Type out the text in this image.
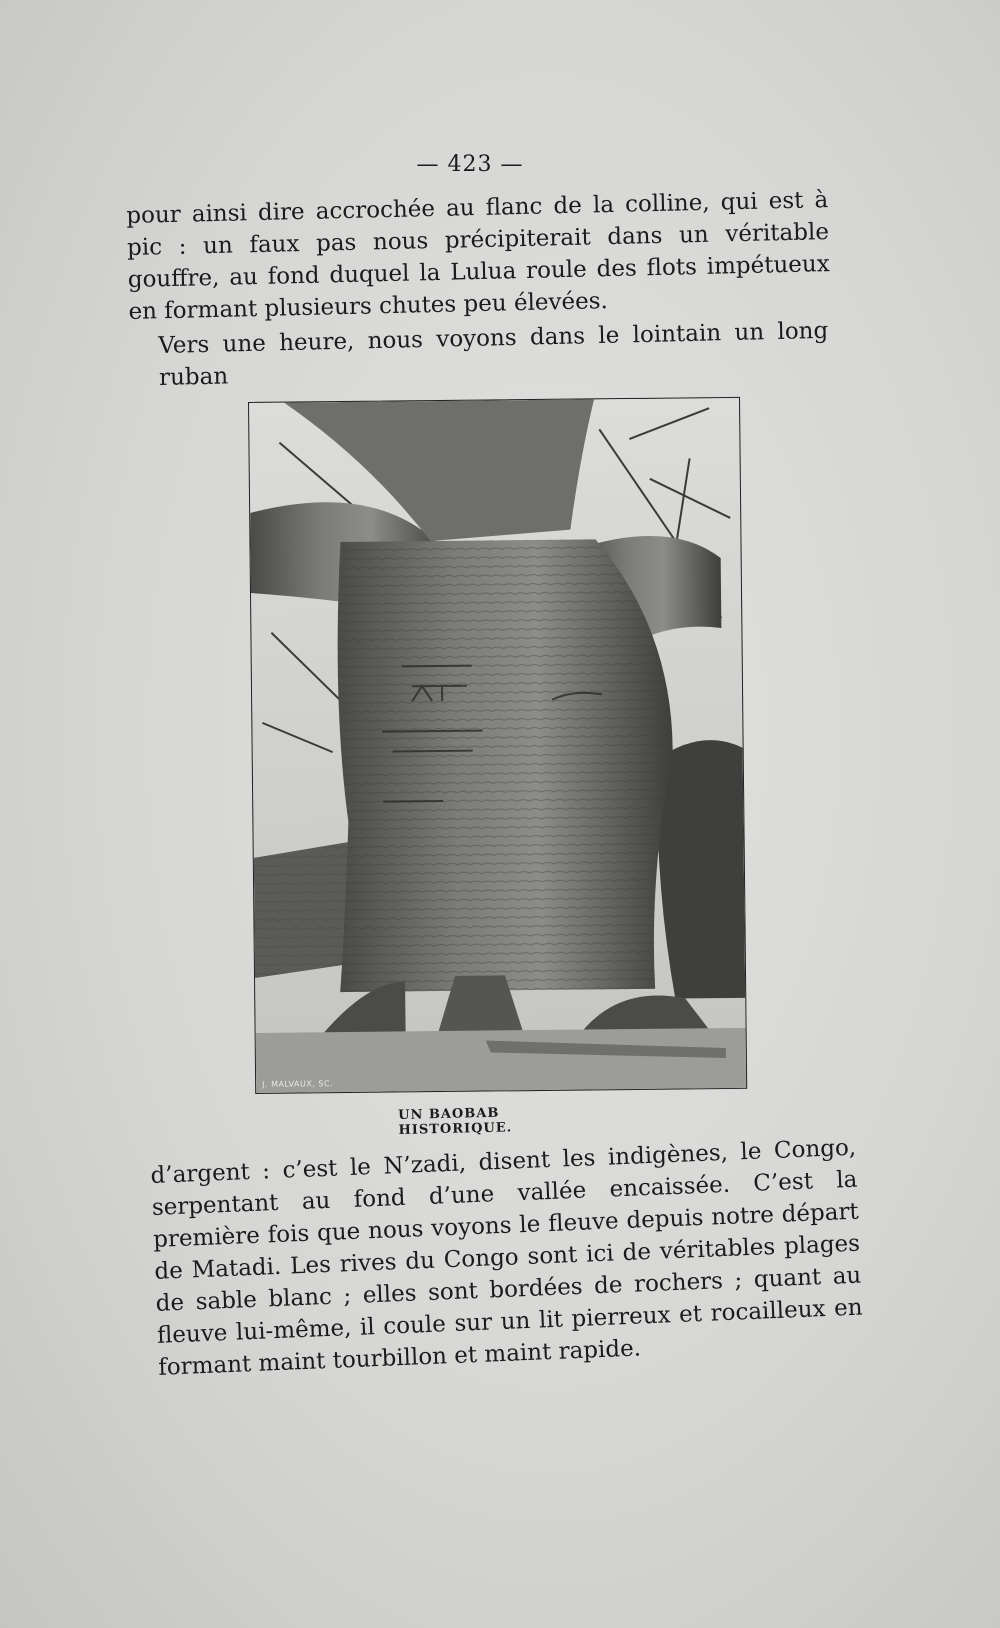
— 423 —

pour ainsi dire accrochée au flanc de la colline, qui est à pic : un faux pas nous précipiterait dans un véritable gouffre, au fond duquel la Lulua roule des flots impétueux en formant plusieurs chutes peu élevées.

Vers une heure, nous voyons dans le lointain un long ruban

J. MALVAUX, SC.
UN BAOBAB HISTORIQUE.

d’argent : c’est le N’zadi, disent les indigènes, le Congo, serpentant au fond d’une vallée encaissée. C’est la première fois que nous voyons le fleuve depuis notre départ de Matadi. Les rives du Congo sont ici de véritables plages de sable blanc ; elles sont bordées de rochers ; quant au fleuve lui-même, il coule sur un lit pierreux et rocailleux en formant maint tourbillon et maint rapide.
